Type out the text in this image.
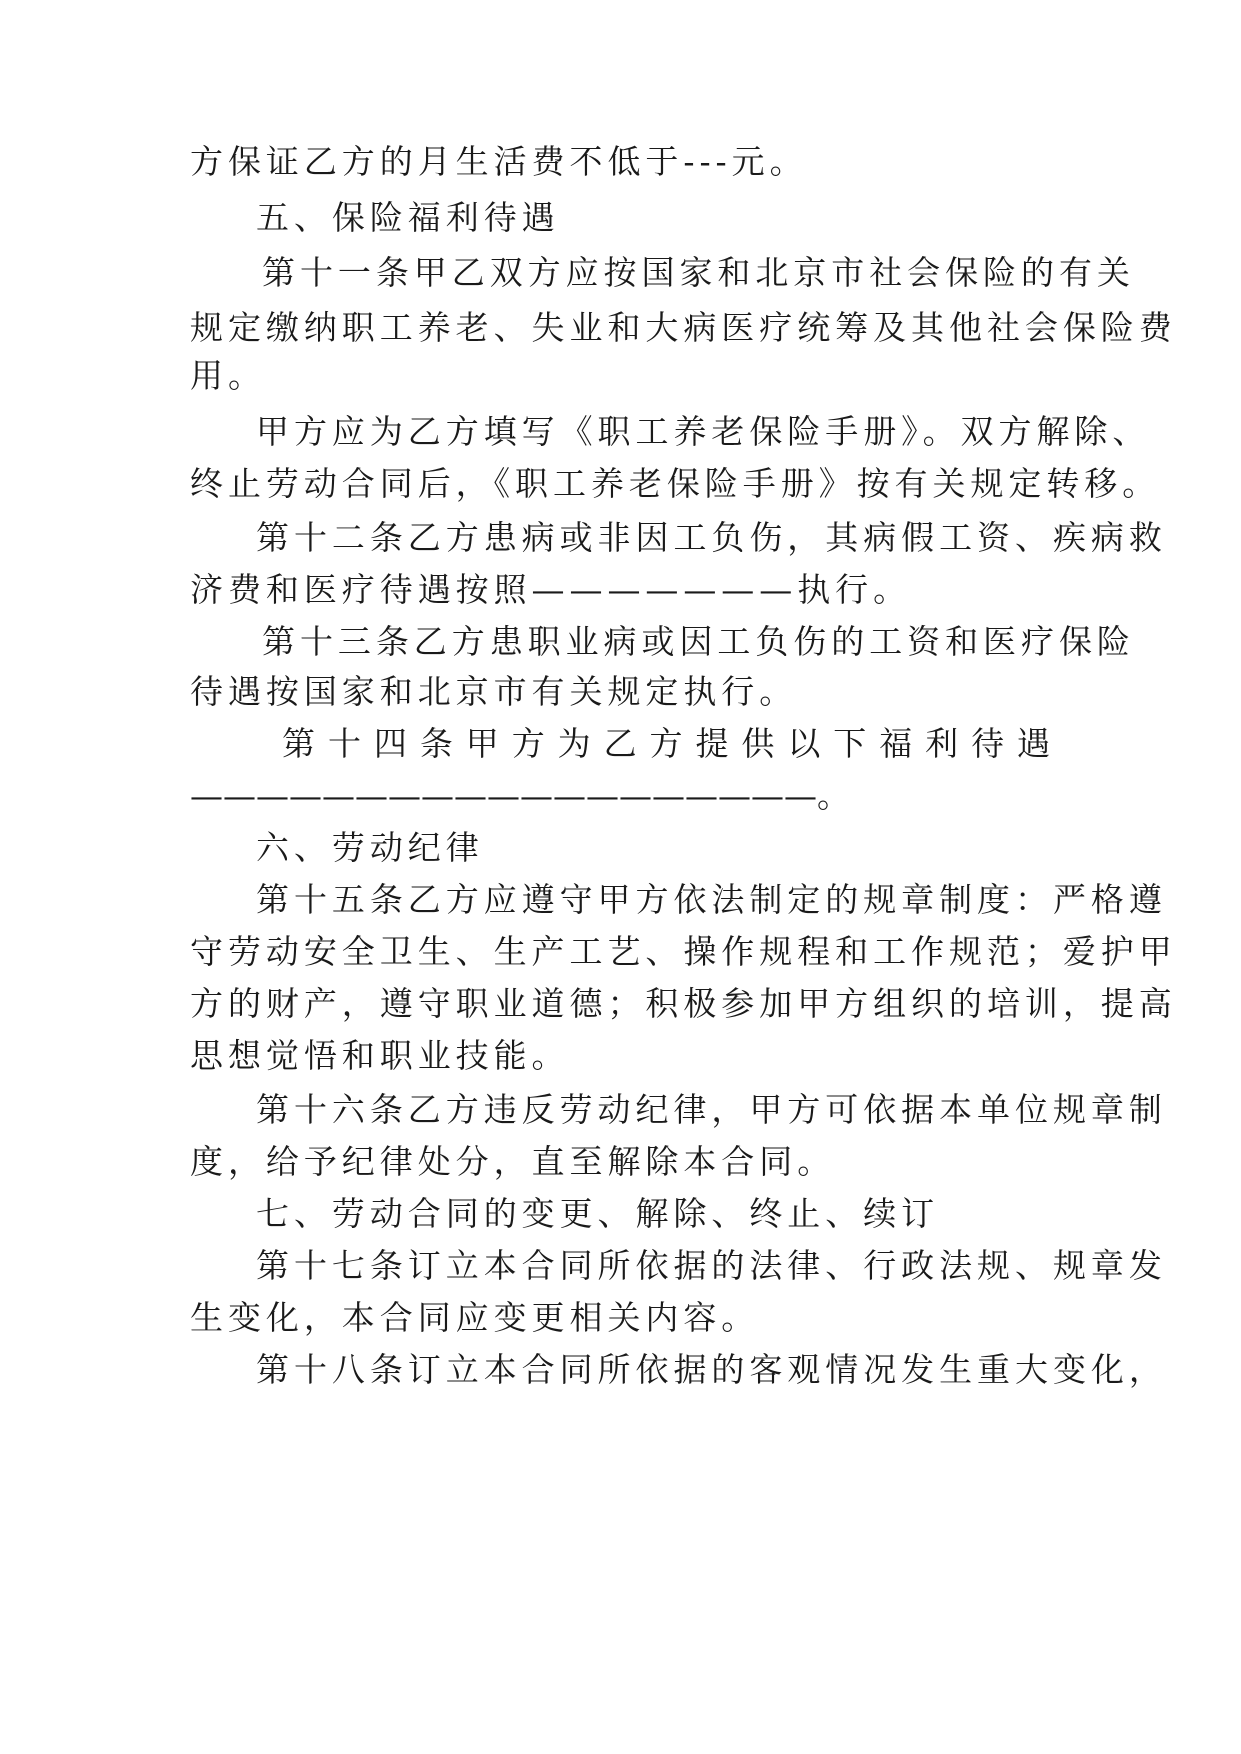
方保证乙方的月生活费不低于---元。
五、保险福利待遇
第十一条甲乙双方应按国家和北京市社会保险的有关
规定缴纳职工养老、失业和大病医疗统筹及其他社会保险费
用。
甲方应为乙方填写《职工养老保险手册》。双方解除、
终止劳动合同后，《职工养老保险手册》按有关规定转移。
第十二条乙方患病或非因工负伤，其病假工资、疾病救
济费和医疗待遇按照———————执行。
第十三条乙方患职业病或因工负伤的工资和医疗保险
待遇按国家和北京市有关规定执行。
第 十 四 条 甲 方 为 乙 方 提 供 以 下 福 利 待 遇
———————————————————。
六、劳动纪律
第十五条乙方应遵守甲方依法制定的规章制度：严格遵
守劳动安全卫生、生产工艺、操作规程和工作规范；爱护甲
方的财产，遵守职业道德；积极参加甲方组织的培训，提高
思想觉悟和职业技能。
第十六条乙方违反劳动纪律，甲方可依据本单位规章制
度，给予纪律处分，直至解除本合同。
七、劳动合同的变更、解除、终止、续订
第十七条订立本合同所依据的法律、行政法规、规章发
生变化，本合同应变更相关内容。
第十八条订立本合同所依据的客观情况发生重大变化，
